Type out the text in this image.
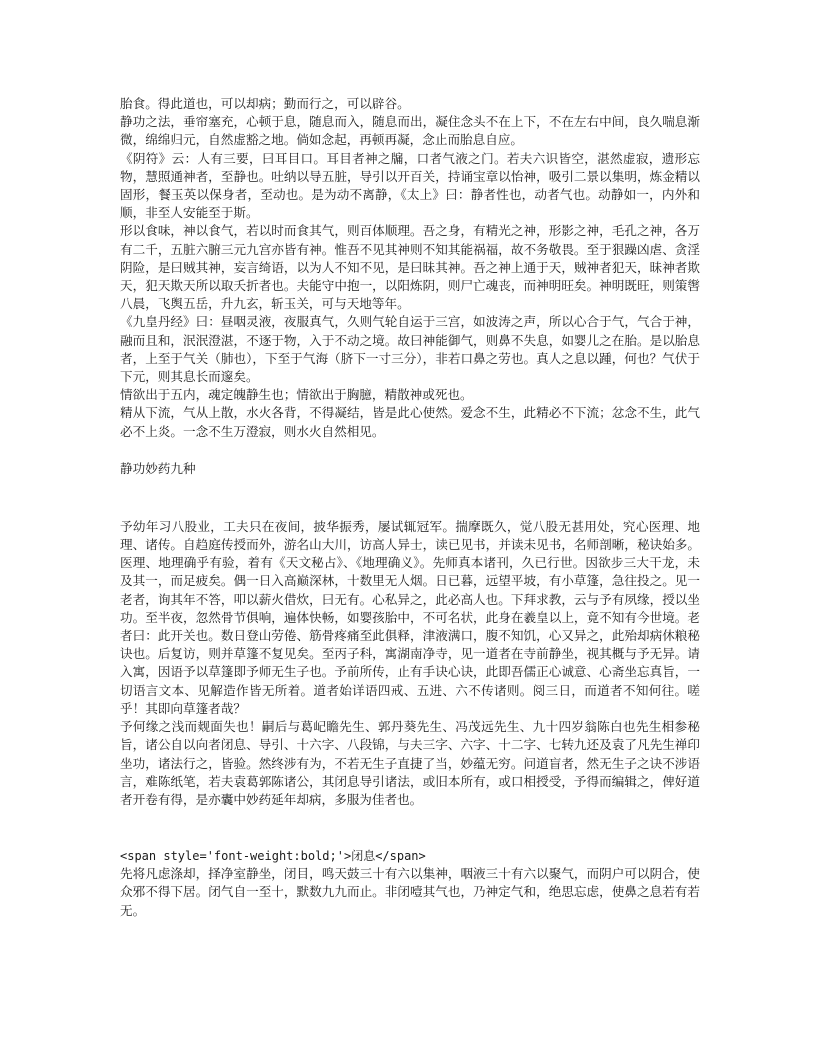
胎食。得此道也，可以却病；勤而行之，可以辟谷。

静功之法，垂帘塞充，心顿于息，随息而入，随息而出，凝住念头不在上下，不在左右中间，良久喘息渐微，绵绵归元，自然虚豁之地。倘如念起，再顿再凝，念止而胎息自应。

《阴符》云：人有三要，曰耳目口。耳目者神之牖，口者气液之门。若夫六识皆空，湛然虚寂，遗形忘物，慧照通神者，至静也。吐纳以导五脏，导引以开百关，持诵宝章以怡神，吸引二景以集明，炼金精以固形，餐玉英以保身者，至动也。是为动不离静，《太上》曰：静者性也，动者气也。动静如一，内外和顺，非至人安能至于斯。

形以食味，神以食气，若以时而食其气，则百体顺理。吾之身，有精光之神，形影之神，毛孔之神，各万有二千，五脏六腑三元九宫亦皆有神。惟吾不见其神则不知其能祸福，故不务敬畏。至于狠躁凶虐、贪淫阴险，是曰贼其神，妄言绮语，以为人不知不见，是曰昧其神。吾之神上通于天，贼神者犯天，昧神者欺天，犯天欺天所以取夭折者也。夫能守中抱一，以阳炼阴，则尸亡魂丧，而神明旺矣。神明既旺，则策辔八晨，飞舆五岳，升九玄，斩玉关，可与天地等年。

《九皇丹经》曰：昼咽灵液，夜服真气，久则气轮自运于三宫，如波涛之声，所以心合于气，气合于神，融而且和，泯泯澄湛，不逐于物，入于不动之境。故曰神能御气，则鼻不失息，如婴儿之在胎。是以胎息者，上至于气关（肺也），下至于气海（脐下一寸三分），非若口鼻之劳也。真人之息以踵，何也？气伏于下元，则其息长而邃矣。

情欲出于五内，魂定魄静生也；情欲出于胸臆，精散神或死也。

精从下流，气从上散，水火各背，不得凝结，皆是此心使然。爱念不生，此精必不下流；忿念不生，此气必不上炎。一念不生万澄寂，则水火自然相见。

静功妙药九种

予幼年习八股业，工夫只在夜间，披华振秀，屡试辄冠军。揣摩既久，觉八股无甚用处，究心医理、地理、诸传。自趋庭传授而外，游名山大川，访高人异士，读已见书，并读未见书，名师剖晰，秘诀始多。医理、地理确乎有验，着有《天文秘占》、《地理确义》。先师真本诸刊，久已行世。因欲步三大干龙，未及其一，而足疲矣。偶一日入高巅深林，十数里无人烟。日已暮，远望平坡，有小草篷，急往投之。见一老者，询其年不答，叩以薪火借炊，曰无有。心私异之，此必高人也。下拜求教，云与予有夙缘，授以坐功。至半夜，忽然骨节俱响，遍体快畅，如婴孩胎中，不可名状，此身在羲皇以上，竟不知有今世境。老者曰：此开关也。数日登山劳倦、筋骨疼痛至此俱释，津液满口，腹不知饥，心又异之，此殆却病休粮秘诀也。后复访，则并草篷不复见矣。至丙子科，寓湖南净寺，见一道者在寺前静坐，视其概与予无异。请入寓，因语予以草篷即予师无生子也。予前所传，止有手诀心诀，此即吾儒正心诚意、心斋坐忘真旨，一切语言文本、见解造作皆无所着。道者始详语四戒、五进、六不传诸则。阅三日，而道者不知何往。嗟乎！其即向草篷者哉？

予何缘之浅而觌面失也！嗣后与葛屺瞻先生、郭丹葵先生、冯茂远先生、九十四岁翁陈白也先生相参秘旨，诸公自以向者闭息、导引、十六字、八段锦，与夫三字、六字、十二字、七转九还及袁了凡先生禅印坐功，诸法行之，皆验。然终涉有为，不若无生子直捷了当，妙蕴无穷。问道盲者，然无生子之诀不涉语言，难陈纸笔，若夫袁葛郭陈诸公，其闭息导引诸法，或旧本所有，或口相授受，予得而编辑之，俾好道者开卷有得，是亦囊中妙药延年却病，多服为佳者也。

<span style='font-weight:bold;'>闭息</span>

先将凡虑涤却，择净室静坐，闭目，鸣天鼓三十有六以集神，咽液三十有六以聚气，而阴户可以阴合，使众邪不得下居。闭气自一至十，默数九九而止。非闭噎其气也，乃神定气和，绝思忘虑，使鼻之息若有若无。
